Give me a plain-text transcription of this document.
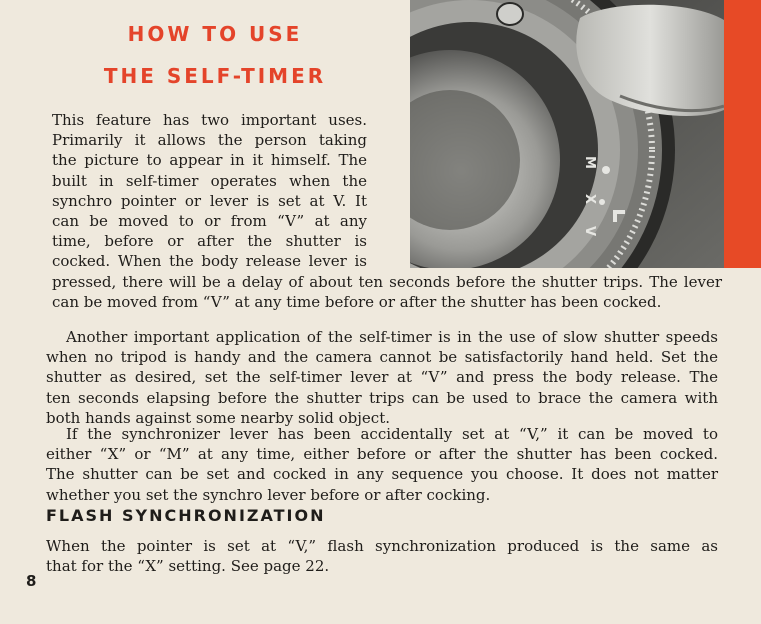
HOW TO USE
THE SELF-TIMER
M
X
V

This feature has two important uses.
Primarily it allows the person taking
the picture to appear in it himself. The
built in self-timer operates when the
synchro pointer or lever is set at V. It
can be moved to or from “V” at any
time, before or after the shutter is
cocked. When the body release lever is

pressed, there will be a delay of about ten seconds before the shutter trips. The lever
can be moved from “V” at any time before or after the shutter has been cocked.

Another important application of the self-timer is in the use of slow shutter speeds
when no tripod is handy and the camera cannot be satisfactorily hand held. Set the
shutter as desired, set the self-timer lever at “V” and press the body release. The
ten seconds elapsing before the shutter trips can be used to brace the camera with
both hands against some nearby solid object.

If the synchronizer lever has been accidentally set at “V,” it can be moved to
either “X” or “M” at any time, either before or after the shutter has been cocked.
The shutter can be set and cocked in any sequence you choose. It does not matter
whether you set the synchro lever before or after cocking.

FLASH SYNCHRONIZATION

When the pointer is set at “V,” flash synchronization produced is the same as
that for the “X” setting. See page 22.

8
